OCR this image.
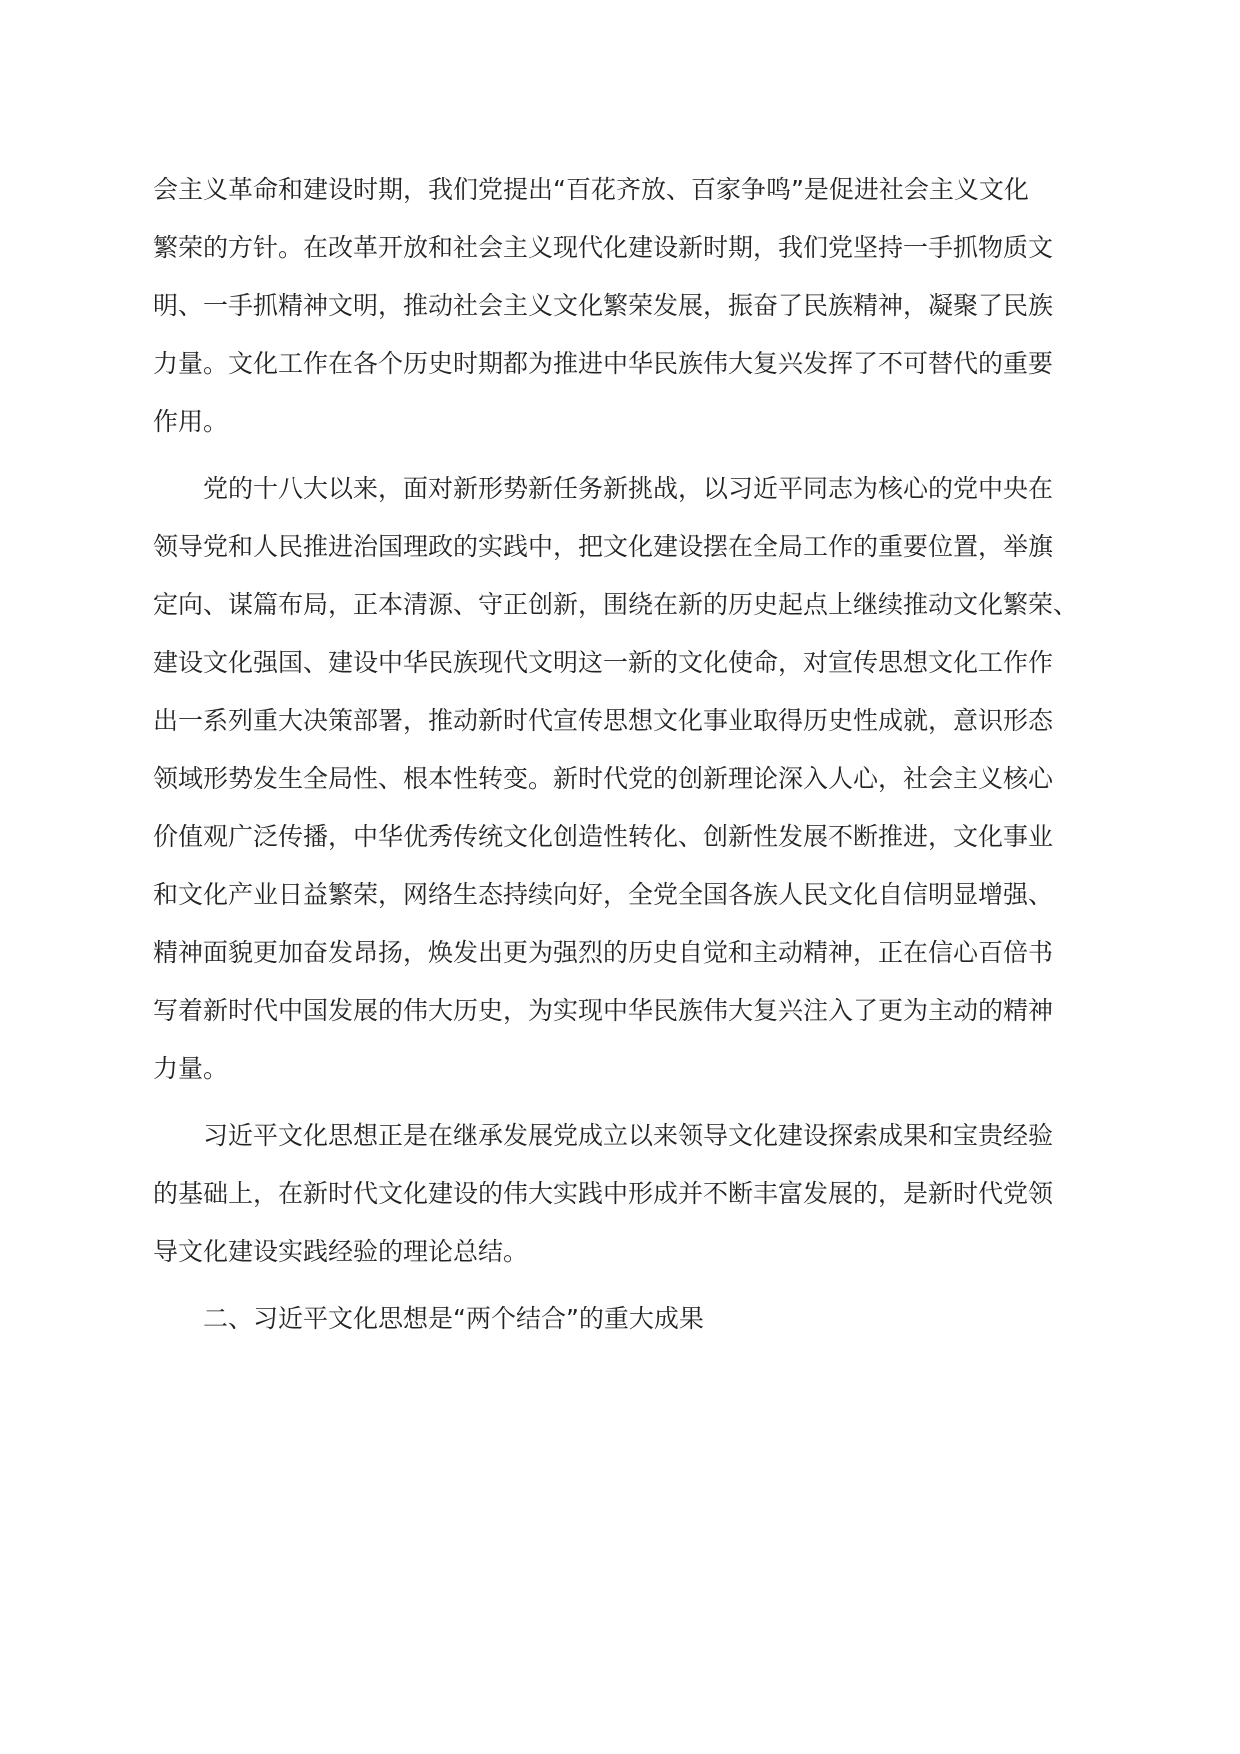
会主义革命和建设时期，我们党提出“百花齐放、百家争鸣”是促进社会主义文化
繁荣的方针。在改革开放和社会主义现代化建设新时期，我们党坚持一手抓物质文
明、一手抓精神文明，推动社会主义文化繁荣发展，振奋了民族精神，凝聚了民族
力量。文化工作在各个历史时期都为推进中华民族伟大复兴发挥了不可替代的重要
作用。
　　党的十八大以来，面对新形势新任务新挑战，以习近平同志为核心的党中央在
领导党和人民推进治国理政的实践中，把文化建设摆在全局工作的重要位置，举旗
定向、谋篇布局，正本清源、守正创新，围绕在新的历史起点上继续推动文化繁荣、
建设文化强国、建设中华民族现代文明这一新的文化使命，对宣传思想文化工作作
出一系列重大决策部署，推动新时代宣传思想文化事业取得历史性成就，意识形态
领域形势发生全局性、根本性转变。新时代党的创新理论深入人心，社会主义核心
价值观广泛传播，中华优秀传统文化创造性转化、创新性发展不断推进，文化事业
和文化产业日益繁荣，网络生态持续向好，全党全国各族人民文化自信明显增强、
精神面貌更加奋发昂扬，焕发出更为强烈的历史自觉和主动精神，正在信心百倍书
写着新时代中国发展的伟大历史，为实现中华民族伟大复兴注入了更为主动的精神
力量。
　　习近平文化思想正是在继承发展党成立以来领导文化建设探索成果和宝贵经验
的基础上，在新时代文化建设的伟大实践中形成并不断丰富发展的，是新时代党领
导文化建设实践经验的理论总结。
　　二、习近平文化思想是“两个结合”的重大成果
